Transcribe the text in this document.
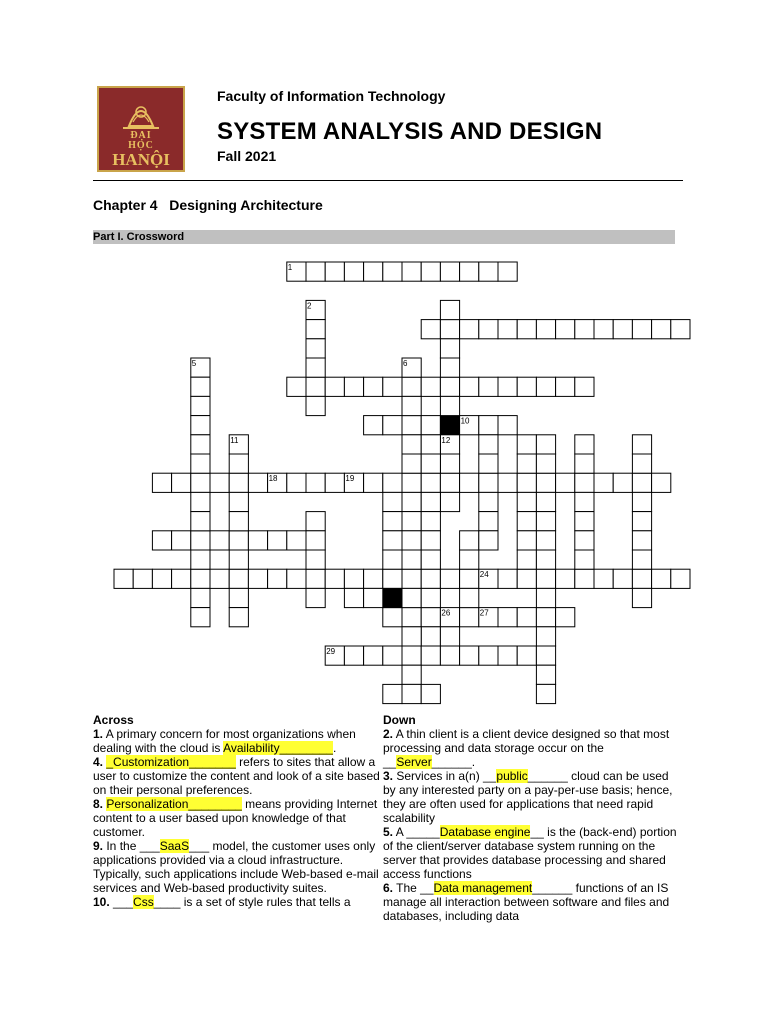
ĐẠI
HỌC
HANỘI
Faculty of Information Technology
SYSTEM ANALYSIS AND DESIGN
Fall 2021
Chapter 4   Designing Architecture
Part I. Crossword
1
2
5	6
10
11	12
18	19
24
26	27
29

Across

1. A primary concern for most organizations when dealing with the cloud is Availability________.

4. _Customization_______ refers to sites that allow a user to customize the content and look of a site based on their personal preferences.

8. Personalization________ means providing Internet content to a user based upon knowledge of that customer.

9. In the ___SaaS___ model, the customer uses only applications provided via a cloud infrastructure. Typically, such applications include Web-based e-mail services and Web-based productivity suites.

10. ___Css____ is a set of style rules that tells a

Down

2. A thin client is a client device designed so that most processing and data storage occur on the __Server______.

3. Services in a(n) __public______ cloud can be used by any interested party on a pay-per-use basis; hence, they are often used for applications that need rapid scalability

5. A _____Database engine__ is the (back-end) portion of the client/server database system running on the server that provides database processing and shared access functions

6. The __Data management______ functions of an IS manage all interaction between software and files and databases, including data
